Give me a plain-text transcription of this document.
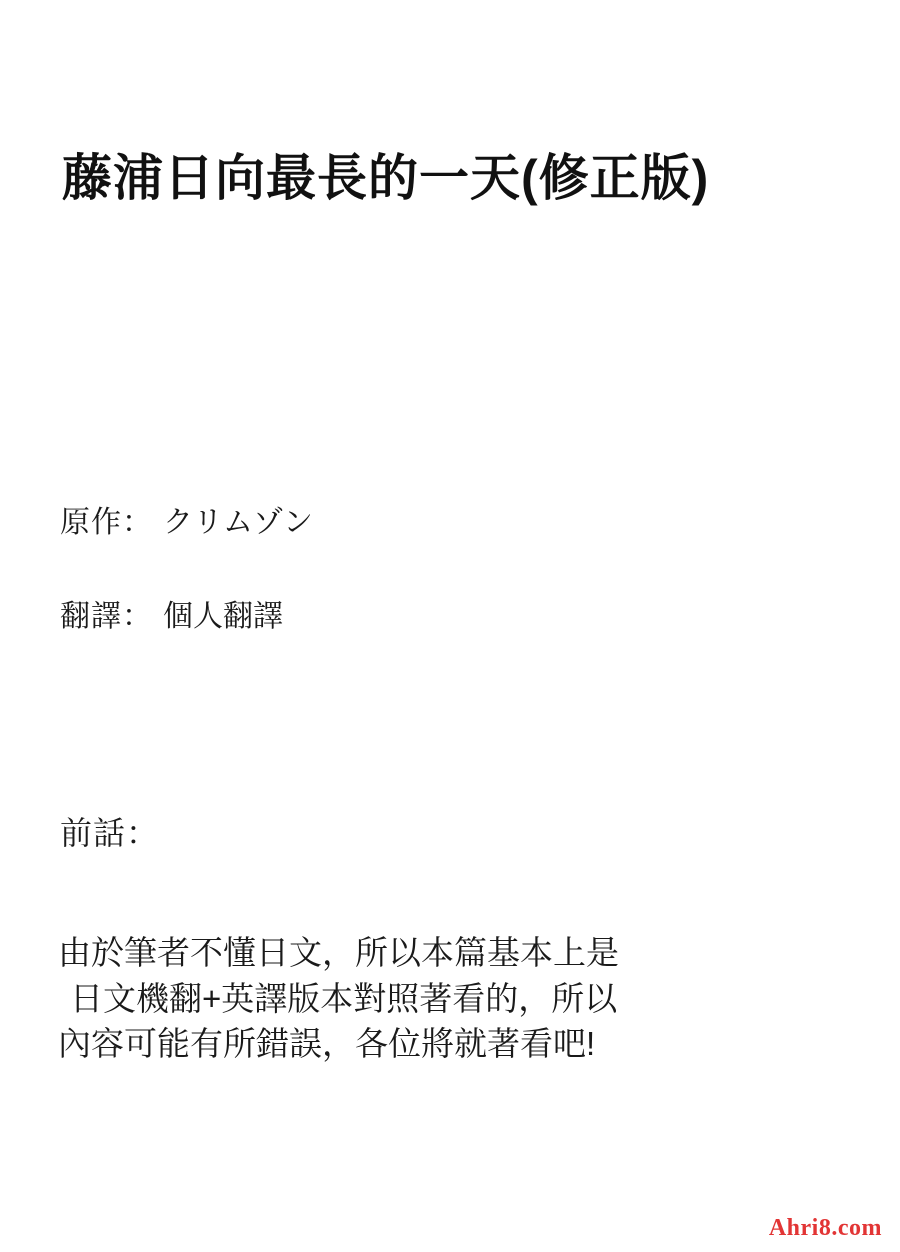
藤浦日向最長的一天(修正版)
原作： クリムゾン
翻譯： 個人翻譯
前話：
由於筆者不懂日文，所以本篇基本上是
日文機翻+英譯版本對照著看的，所以
內容可能有所錯誤，各位將就著看吧!
Ahri8.com
